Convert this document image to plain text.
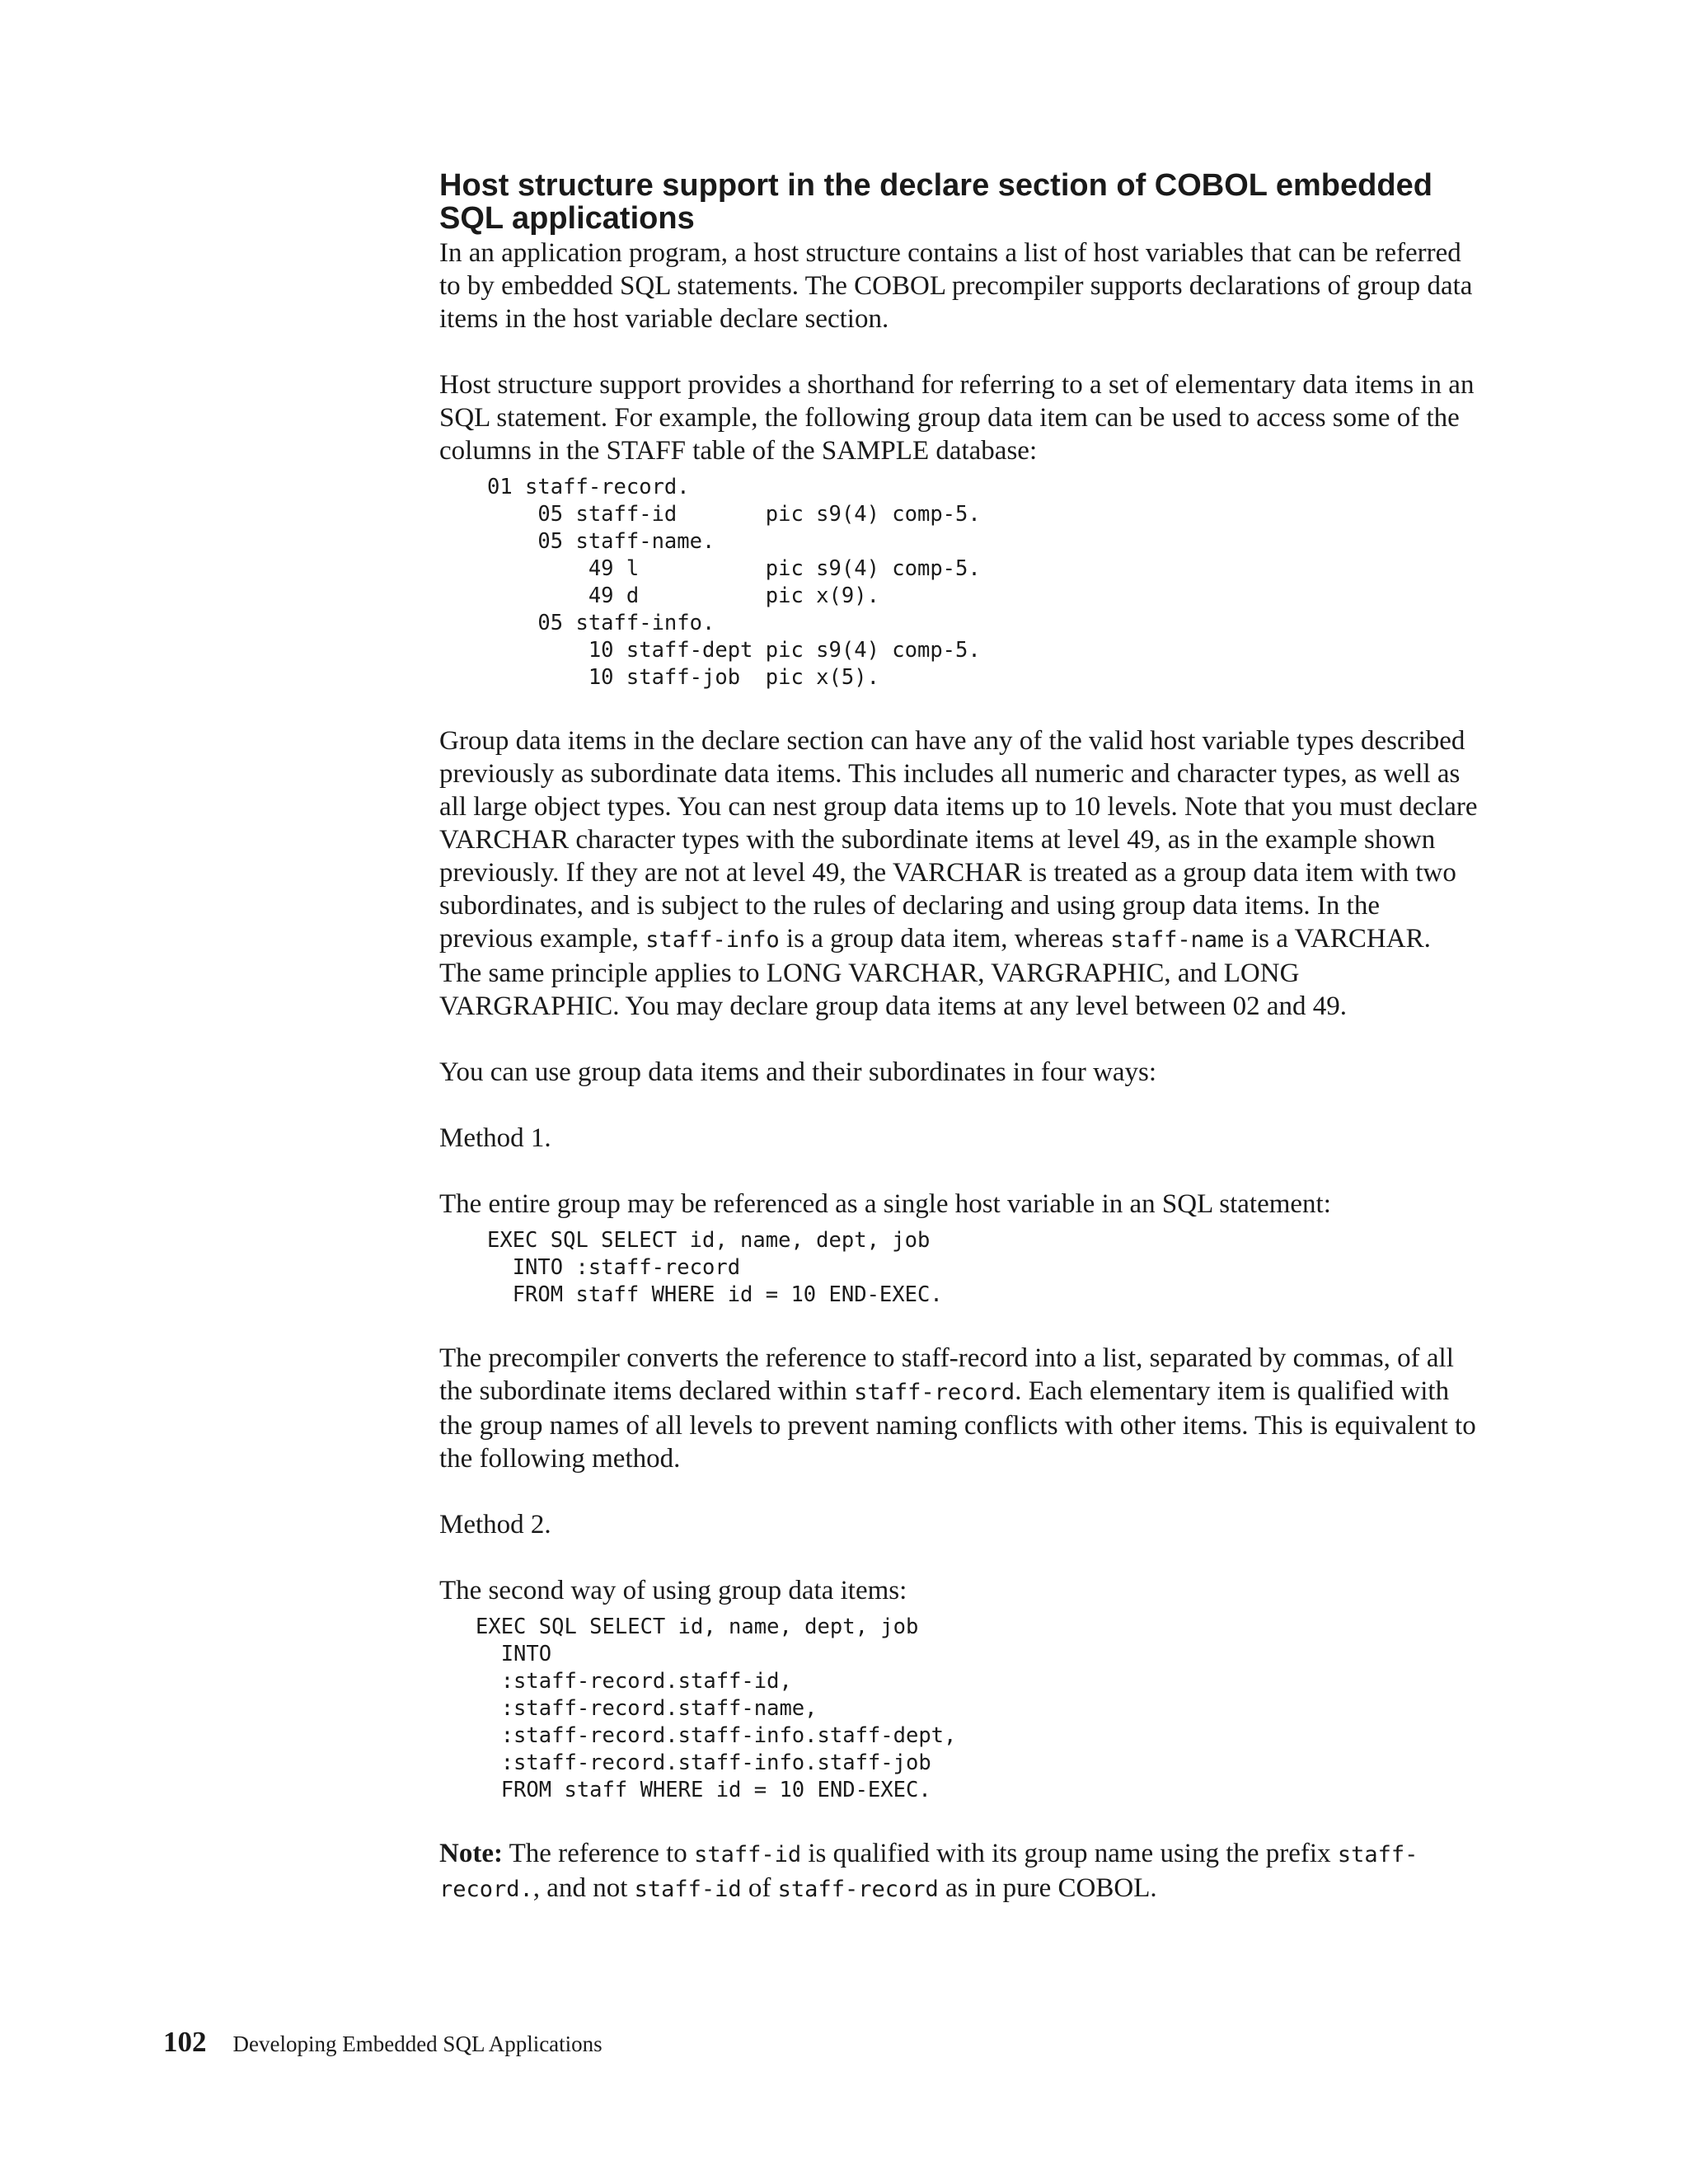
Host structure support in the declare section of COBOL embedded SQL applications

In an application program, a host structure contains a list of host variables that can be referred to by embedded SQL statements. The COBOL precompiler supports declarations of group data items in the host variable declare section.

Host structure support provides a shorthand for referring to a set of elementary data items in an SQL statement. For example, the following group data item can be used to access some of the columns in the STAFF table of the SAMPLE database:

01 staff-record.
05 staff-id       pic s9(4) comp-5.
05 staff-name.
49 l          pic s9(4) comp-5.
49 d          pic x(9).
05 staff-info.
10 staff-dept pic s9(4) comp-5.
10 staff-job  pic x(5).

Group data items in the declare section can have any of the valid host variable types described previously as subordinate data items. This includes all numeric and character types, as well as all large object types. You can nest group data items up to 10 levels. Note that you must declare VARCHAR character types with the subordinate items at level 49, as in the example shown previously. If they are not at level 49, the VARCHAR is treated as a group data item with two subordinates, and is subject to the rules of declaring and using group data items. In the previous example, staff-info is a group data item, whereas staff-name is a VARCHAR. The same principle applies to LONG VARCHAR, VARGRAPHIC, and LONG VARGRAPHIC. You may declare group data items at any level between 02 and 49.

You can use group data items and their subordinates in four ways:

Method 1.

The entire group may be referenced as a single host variable in an SQL statement:

EXEC SQL SELECT id, name, dept, job
INTO :staff-record
FROM staff WHERE id = 10 END-EXEC.

The precompiler converts the reference to staff-record into a list, separated by commas, of all the subordinate items declared within staff-record. Each elementary item is qualified with the group names of all levels to prevent naming conflicts with other items. This is equivalent to the following method.

Method 2.

The second way of using group data items:

EXEC SQL SELECT id, name, dept, job
INTO
:staff-record.staff-id,
:staff-record.staff-name,
:staff-record.staff-info.staff-dept,
:staff-record.staff-info.staff-job
FROM staff WHERE id = 10 END-EXEC.

Note: The reference to staff-id is qualified with its group name using the prefix staff-record., and not staff-id of staff-record as in pure COBOL.

102 Developing Embedded SQL Applications
